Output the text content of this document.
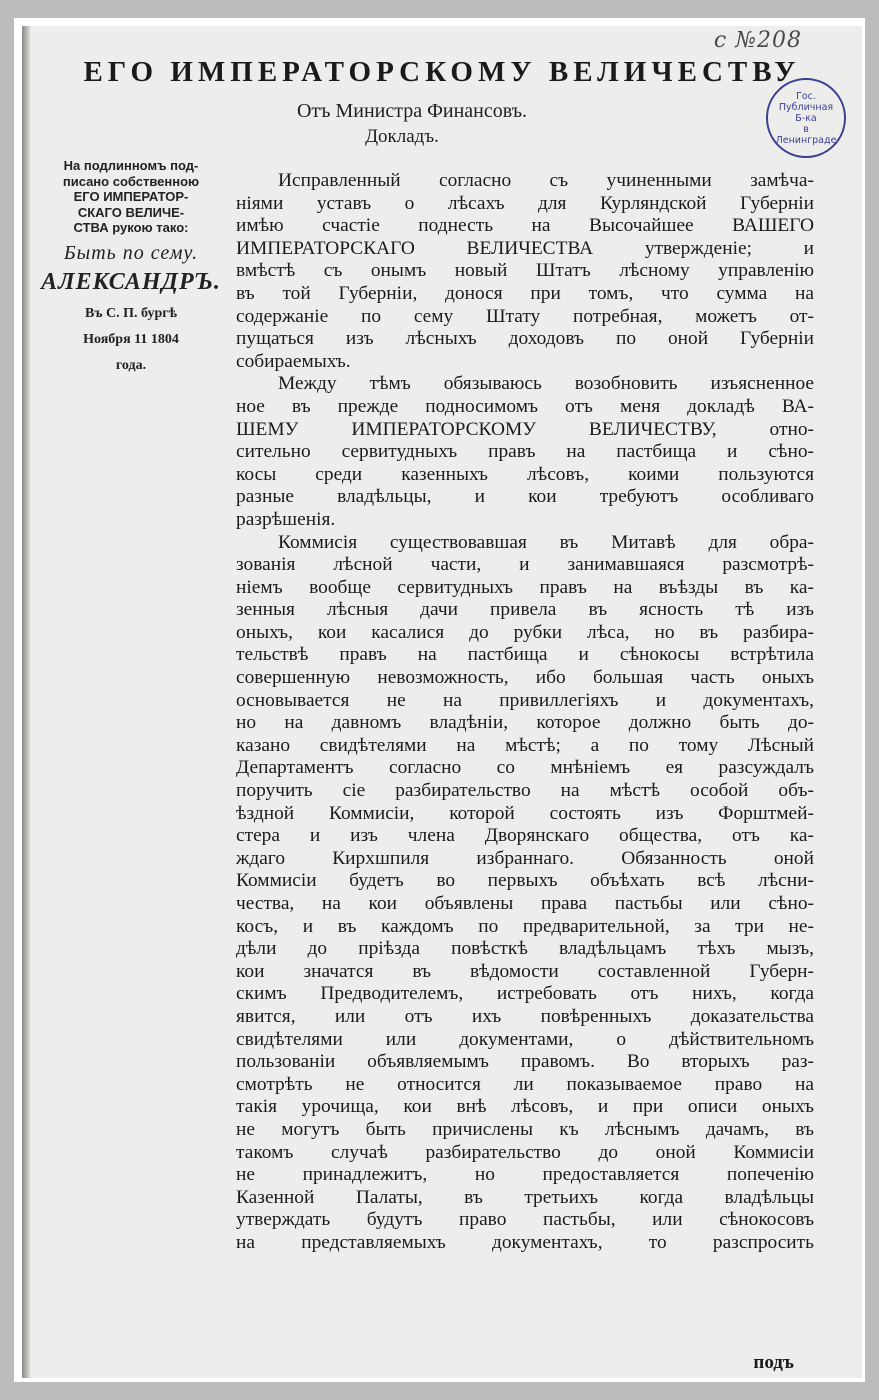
с №208
Гос.
Публичная
Б-ка
в
Ленинграде
ЕГО ИМПЕРАТОРСКОМУ ВЕЛИЧЕСТВУ
Отъ Министра Финансовъ.
Докладъ.
На подлинномъ под-
писано собственною
ЕГО ИМПЕРАТОР-
СКАГО ВЕЛИЧЕ-
СТВА рукою тако:
Быть по сему.
АЛЕКСАНДРЪ.
Въ С. П. бургѣ
Ноября 11 1804
года.
Исправленный согласно съ учиненными замѣча-
ніями уставъ о лѣсахъ для Курляндской Губерніи
имѣю счастіе поднесть на Высочайшее ВАШЕГО
ИМПЕРАТОРСКАГО ВЕЛИЧЕСТВА утвержденіе; и
вмѣстѣ съ онымъ новый Штатъ лѣсному управленію
въ той Губерніи, донося при томъ, что сумма на
содержаніе по сему Штату потребная, можетъ от-
пущаться изъ лѣсныхъ доходовъ по оной Губерніи
собираемыхъ.
Между тѣмъ обязываюсь возобновить изъясненное
ное въ прежде подносимомъ отъ меня докладѣ ВА-
ШЕМУ ИМПЕРАТОРСКОМУ ВЕЛИЧЕСТВУ, отно-
сительно сервитудныхъ правъ на пастбища и сѣно-
косы среди казенныхъ лѣсовъ, коими пользуются
разные владѣльцы, и кои требуютъ особливаго
разрѣшенія.
Коммисія существовавшая въ Митавѣ для обра-
зованія лѣсной части, и занимавшаяся разсмотрѣ-
ніемъ вообще сервитудныхъ правъ на въѣзды въ ка-
зенныя лѣсныя дачи привела въ ясность тѣ изъ
оныхъ, кои касалися до рубки лѣса, но въ разбира-
тельствѣ правъ на пастбища и сѣнокосы встрѣтила
совершенную невозможность, ибо большая часть оныхъ
основывается не на привиллегіяхъ и документахъ,
но на давномъ владѣніи, которое должно быть до-
казано свидѣтелями на мѣстѣ; а по тому Лѣсный
Департаментъ согласно со мнѣніемъ ея разсуждалъ
поручить сіе разбирательство на мѣстѣ особой объ-
ѣздной Коммисіи, которой состоять изъ Форштмей-
стера и изъ члена Дворянскаго общества, отъ ка-
ждаго Кирхшпиля избраннаго. Обязанность оной
Коммисіи будетъ во первыхъ объѣхать всѣ лѣсни-
чества, на кои объявлены права пастьбы или сѣно-
косъ, и въ каждомъ по предварительной, за три не-
дѣли до пріѣзда повѣсткѣ владѣльцамъ тѣхъ мызъ,
кои значатся въ вѣдомости составленной Губерн-
скимъ Предводителемъ, истребовать отъ нихъ, когда
явится, или отъ ихъ повѣренныхъ доказательства
свидѣтелями или документами, о дѣйствительномъ
пользованіи объявляемымъ правомъ. Во вторыхъ раз-
смотрѣть не относится ли показываемое право на
такія урочища, кои внѣ лѣсовъ, и при описи оныхъ
не могутъ быть причислены къ лѣснымъ дачамъ, въ
такомъ случаѣ разбирательство до оной Коммисіи
не принадлежитъ, но предоставляется попеченію
Казенной Палаты, въ третьихъ когда владѣльцы
утверждать будутъ право пастьбы, или сѣнокосовъ
на представляемыхъ документахъ, то разспросить
подъ
